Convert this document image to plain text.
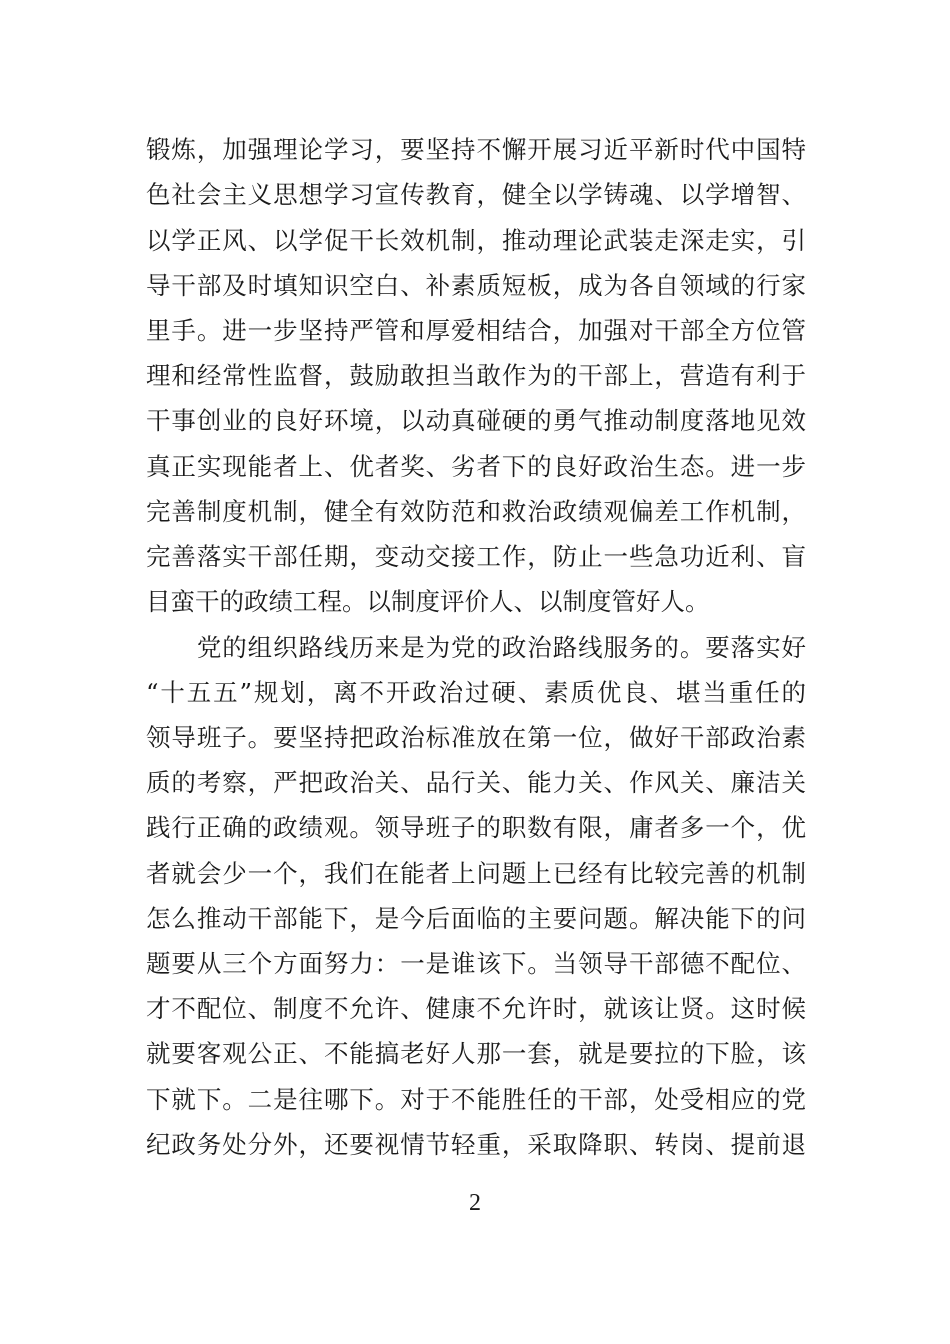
锻炼，加强理论学习，要坚持不懈开展习近平新时代中国特
色社会主义思想学习宣传教育，健全以学铸魂、以学增智、
以学正风、以学促干长效机制，推动理论武装走深走实，引
导干部及时填知识空白、补素质短板，成为各自领域的行家
里手。进一步坚持严管和厚爱相结合，加强对干部全方位管
理和经常性监督，鼓励敢担当敢作为的干部上，营造有利于
干事创业的良好环境，以动真碰硬的勇气推动制度落地见效
真正实现能者上、优者奖、劣者下的良好政治生态。进一步
完善制度机制，健全有效防范和救治政绩观偏差工作机制，
完善落实干部任期，变动交接工作，防止一些急功近利、盲
目蛮干的政绩工程。以制度评价人、以制度管好人。
　　党的组织路线历来是为党的政治路线服务的。要落实好
“十五五”规划，离不开政治过硬、素质优良、堪当重任的
领导班子。要坚持把政治标准放在第一位，做好干部政治素
质的考察，严把政治关、品行关、能力关、作风关、廉洁关
践行正确的政绩观。领导班子的职数有限，庸者多一个，优
者就会少一个，我们在能者上问题上已经有比较完善的机制
怎么推动干部能下，是今后面临的主要问题。解决能下的问
题要从三个方面努力：一是谁该下。当领导干部德不配位、
才不配位、制度不允许、健康不允许时，就该让贤。这时候
就要客观公正、不能搞老好人那一套，就是要拉的下脸，该
下就下。二是往哪下。对于不能胜任的干部，处受相应的党
纪政务处分外，还要视情节轻重，采取降职、转岗、提前退
2
